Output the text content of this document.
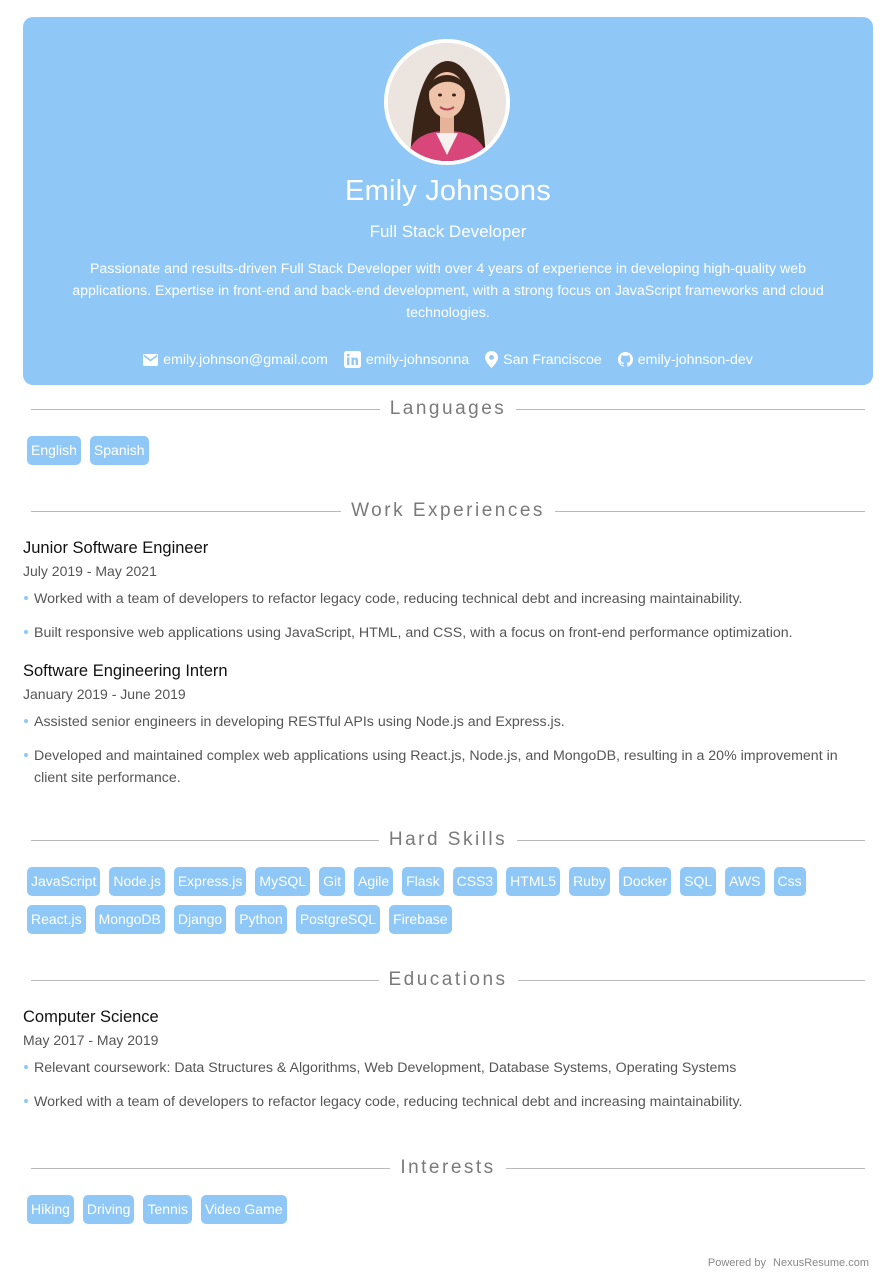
Emily Johnsons
Full Stack Developer
Passionate and results-driven Full Stack Developer with over 4 years of experience in developing high-quality web applications. Expertise in front-end and back-end development, with a strong focus on JavaScript frameworks and cloud technologies.
emily.johnson@gmail.com	emily-johnsonna San Franciscoe	emily-johnson-dev
Languages
English Spanish
Work Experiences
Junior Software Engineer
July 2019 - May 2021
Worked with a team of developers to refactor legacy code, reducing technical debt and increasing maintainability.
Built responsive web applications using JavaScript, HTML, and CSS, with a focus on front-end performance optimization.
Software Engineering Intern
January 2019 - June 2019
Assisted senior engineers in developing RESTful APIs using Node.js and Express.js.
Developed and maintained complex web applications using React.js, Node.js, and MongoDB, resulting in a 20% improvement in client site performance.
Hard Skills
JavaScript Node.js Express.js MySQL Git Agile Flask CSS3 HTML5 Ruby Docker SQL AWS Css
React.js MongoDB Django Python PostgreSQL Firebase
Educations
Computer Science
May 2017 - May 2019
Relevant coursework: Data Structures & Algorithms, Web Development, Database Systems, Operating Systems
Worked with a team of developers to refactor legacy code, reducing technical debt and increasing maintainability.
Interests
Hiking Driving Tennis Video Game
Powered by NexusResume.com
